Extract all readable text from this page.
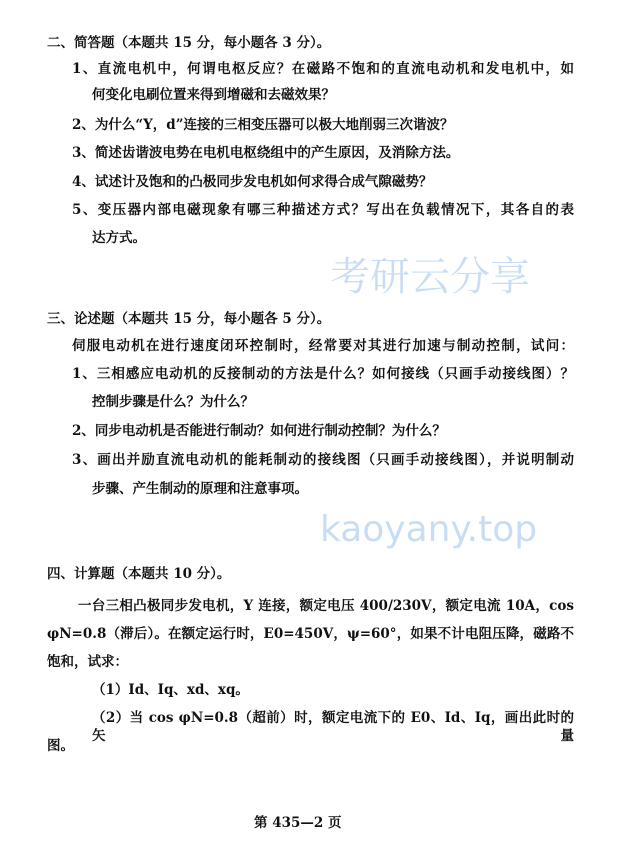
考研云分享
kaoyany.top
二、简答题（本题共 15 分，每小题各 3 分）。
1、直流电机中，何谓电枢反应？在磁路不饱和的直流电动机和发电机中，如
何变化电刷位置来得到增磁和去磁效果？
2、为什么“Y，d”连接的三相变压器可以极大地削弱三次谐波？
3、简述齿谐波电势在电机电枢绕组中的产生原因，及消除方法。
4、试述计及饱和的凸极同步发电机如何求得合成气隙磁势？
5、变压器内部电磁现象有哪三种描述方式？写出在负载情况下，其各自的表
达方式。
三、论述题（本题共 15 分，每小题各 5 分）。
伺服电动机在进行速度闭环控制时，经常要对其进行加速与制动控制，试问：
1、三相感应电动机的反接制动的方法是什么？如何接线（只画手动接线图）？
控制步骤是什么？为什么？
2、同步电动机是否能进行制动？如何进行制动控制？为什么？
3、画出并励直流电动机的能耗制动的接线图（只画手动接线图），并说明制动
步骤、产生制动的原理和注意事项。
四、计算题（本题共 10 分）。
一台三相凸极同步发电机，Y 连接，额定电压 400/230V，额定电流 10A，cos
φN=0.8（滞后）。在额定运行时，E0=450V，ψ=60°，如果不计电阻压降，磁路不
饱和，试求：
（1）Id、Iq、xd、xq。
（2）当 cos φN=0.8（超前）时，额定电流下的 E0、Id、Iq，画出此时的矢量
图。
第 435—2 页
